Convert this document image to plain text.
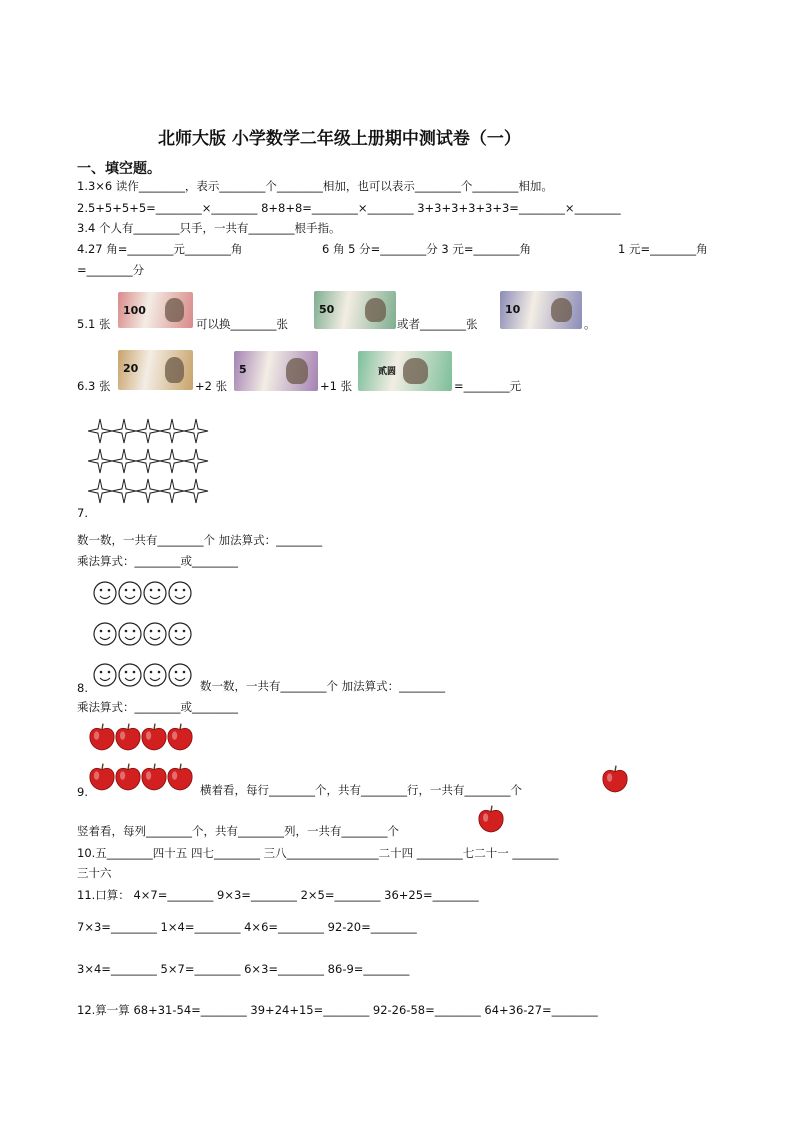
北师大版 小学数学二年级上册期中测试卷（一）
一、填空题。
1.3×6 读作________，表示________个________相加，也可以表示________个________相加。
2.5+5+5+5=________×________ 8+8+8=________×________ 3+3+3+3+3+3=________×________
3.4 个人有________只手，一共有________根手指。
4.27 角=________元________角	6 角 5 分=________分 3 元=________角	1 元=________角
=________分
5.1 张
100
可以换________张
50
或者________张
10
。
6.3 张
20
+2 张
5
+1 张
贰圆
=________元
7.
数一数，一共有________个 加法算式：________
乘法算式：________或________
8.	数一数，一共有________个 加法算式：________
乘法算式：________或________
9.	横着看，每行________个，共有________行，一共有________个
竖着看，每列________个，共有________列，一共有________个
10.五________四十五 四七________ 三八________________二十四 ________七二十一 ________
三十六
11.口算： 4×7=________ 9×3=________ 2×5=________ 36+25=________
7×3=________ 1×4=________ 4×6=________ 92-20=________
3×4=________ 5×7=________ 6×3=________ 86-9=________
12.算一算 68+31-54=________ 39+24+15=________ 92-26-58=________ 64+36-27=________
